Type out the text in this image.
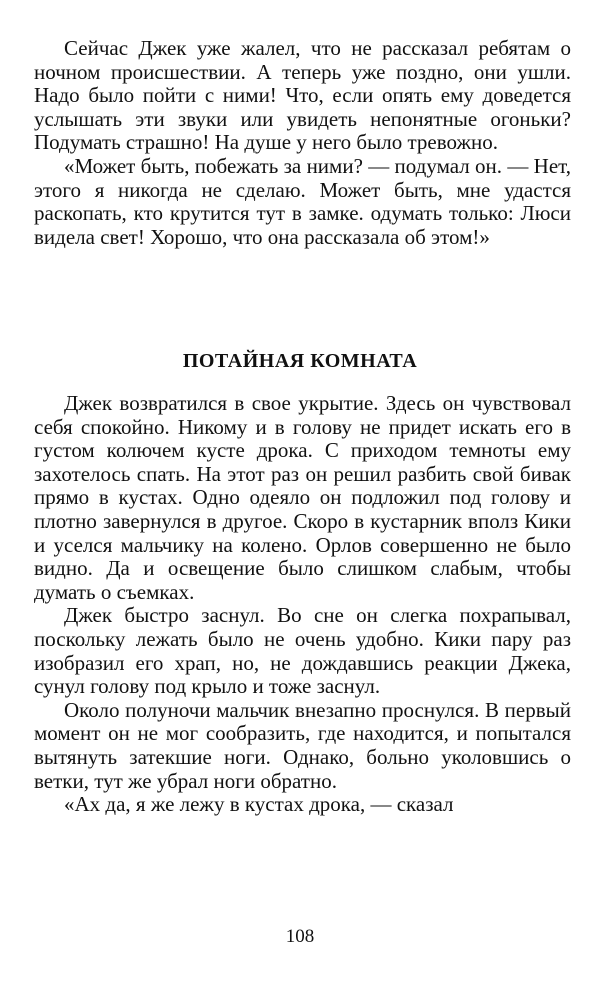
Сейчас Джек уже жалел, что не рассказал ребятам о ночном происшествии. А теперь уже поздно, они ушли. Надо было пойти с ними! Что, если опять ему доведется услышать эти звуки или увидеть непонятные огоньки? Подумать страшно! На душе у него было тревожно.

«Может быть, побежать за ними? — подумал он. — Нет, этого я никогда не сделаю. Может быть, мне удастся раскопать, кто крутится тут в замке. одумать только: Люси видела свет! Хорошо, что она рассказала об этом!»

ПОТАЙНАЯ КОМНАТА

Джек возвратился в свое укрытие. Здесь он чувствовал себя спокойно. Никому и в голову не придет искать его в густом колючем кусте дрока. С приходом темноты ему захотелось спать. На этот раз он решил разбить свой бивак прямо в кустах. Одно одеяло он подложил под голову и плотно завернулся в другое. Скоро в кустарник вполз Кики и уселся мальчику на колено. Орлов совершенно не было видно. Да и освещение было слишком слабым, чтобы думать о съемках.

Джек быстро заснул. Во сне он слегка похрапывал, поскольку лежать было не очень удобно. Кики пару раз изобразил его храп, но, не дождавшись реакции Джека, сунул голову под крыло и тоже заснул.

Около полуночи мальчик внезапно проснулся. В первый момент он не мог сообразить, где находится, и попытался вытянуть затекшие ноги. Однако, больно уколовшись о ветки, тут же убрал ноги обратно.

«Ах да, я же лежу в кустах дрока, — сказал

108
